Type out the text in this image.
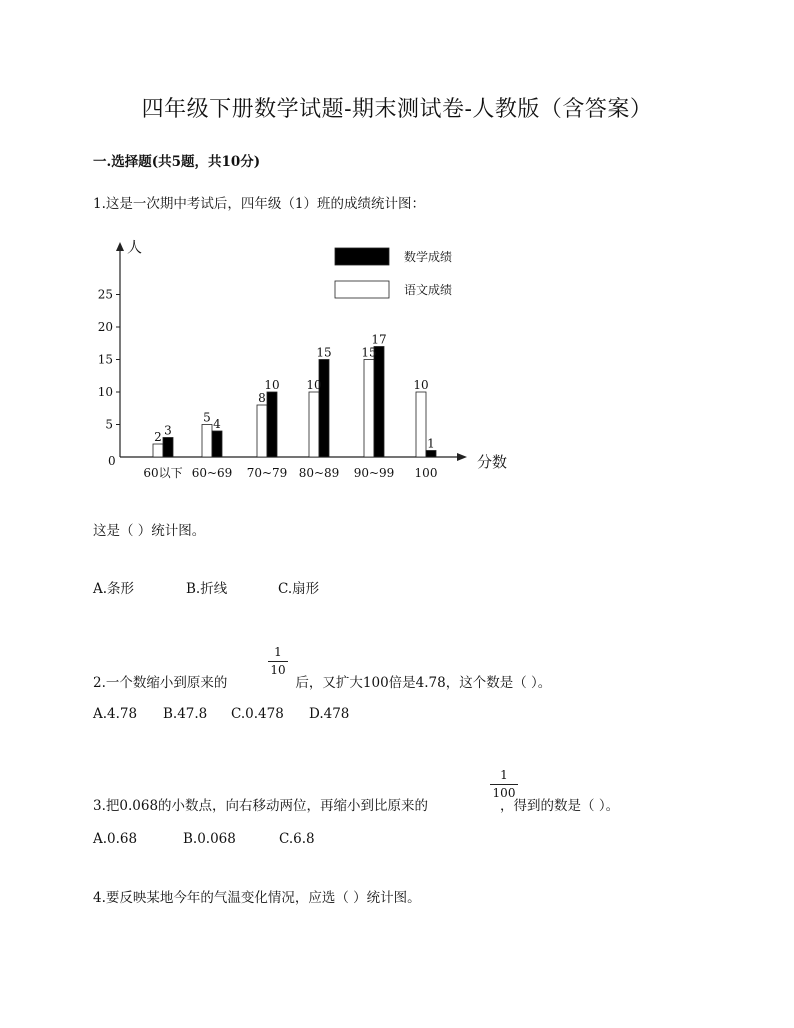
四年级下册数学试题-期末测试卷-人教版（含答案）
一.选择题(共5题，共10分)
1.这是一次期中考试后，四年级（1）班的成绩统计图：
人
分数
0
5
10
15
20
25
2 3
60以下
5 4
60~69
8
10
70~79
10
15
80~89
15
17
90~99
10
1
100
数学成绩
语文成绩
这是（ ）统计图。
A.条形	B.折线	C.扇形
1
10
2.一个数缩小到原来的	后，又扩大100倍是4.78，这个数是（ ）。
A.4.78 B.47.8 C.0.478 D.478
1
100
3.把0.068的小数点，向右移动两位，再缩小到比原来的	，得到的数是（ ）。
A.0.68	B.0.068	C.6.8
4.要反映某地今年的气温变化情况，应选（ ）统计图。
